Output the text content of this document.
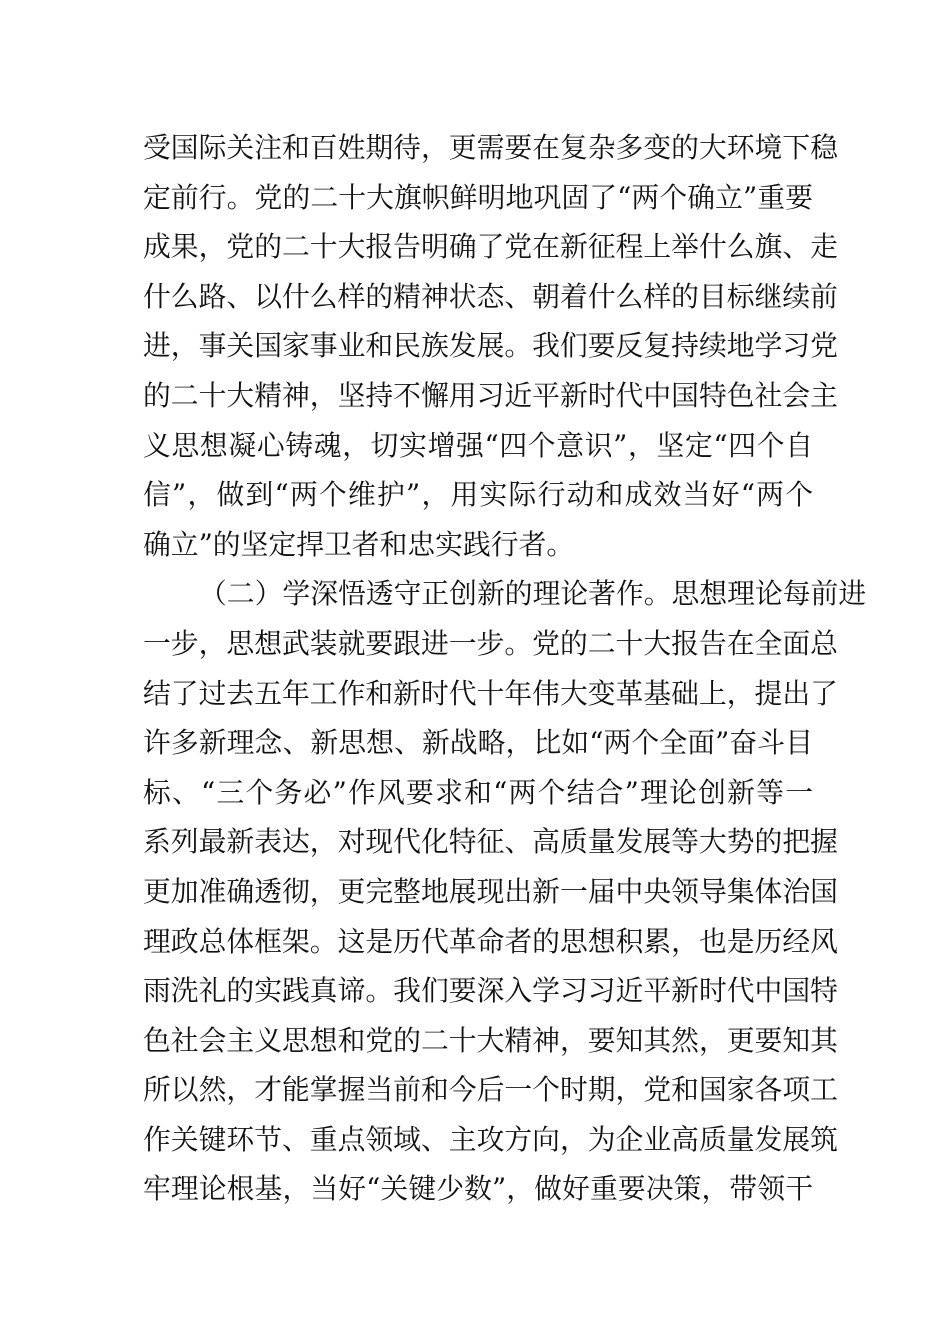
受国际关注和百姓期待，更需要在复杂多变的大环境下稳
定前行。党的二十大旗帜鲜明地巩固了“两个确立”重要
成果，党的二十大报告明确了党在新征程上举什么旗、走
什么路、以什么样的精神状态、朝着什么样的目标继续前
进，事关国家事业和民族发展。我们要反复持续地学习党
的二十大精神，坚持不懈用习近平新时代中国特色社会主
义思想凝心铸魂，切实增强“四个意识”，坚定“四个自
信”，做到“两个维护”，用实际行动和成效当好“两个
确立”的坚定捍卫者和忠实践行者。
（二）学深悟透守正创新的理论著作。思想理论每前进
一步，思想武装就要跟进一步。党的二十大报告在全面总
结了过去五年工作和新时代十年伟大变革基础上，提出了
许多新理念、新思想、新战略，比如“两个全面”奋斗目
标、“三个务必”作风要求和“两个结合”理论创新等一
系列最新表达，对现代化特征、高质量发展等大势的把握
更加准确透彻，更完整地展现出新一届中央领导集体治国
理政总体框架。这是历代革命者的思想积累，也是历经风
雨洗礼的实践真谛。我们要深入学习习近平新时代中国特
色社会主义思想和党的二十大精神，要知其然，更要知其
所以然，才能掌握当前和今后一个时期，党和国家各项工
作关键环节、重点领域、主攻方向，为企业高质量发展筑
牢理论根基，当好“关键少数”，做好重要决策，带领干
